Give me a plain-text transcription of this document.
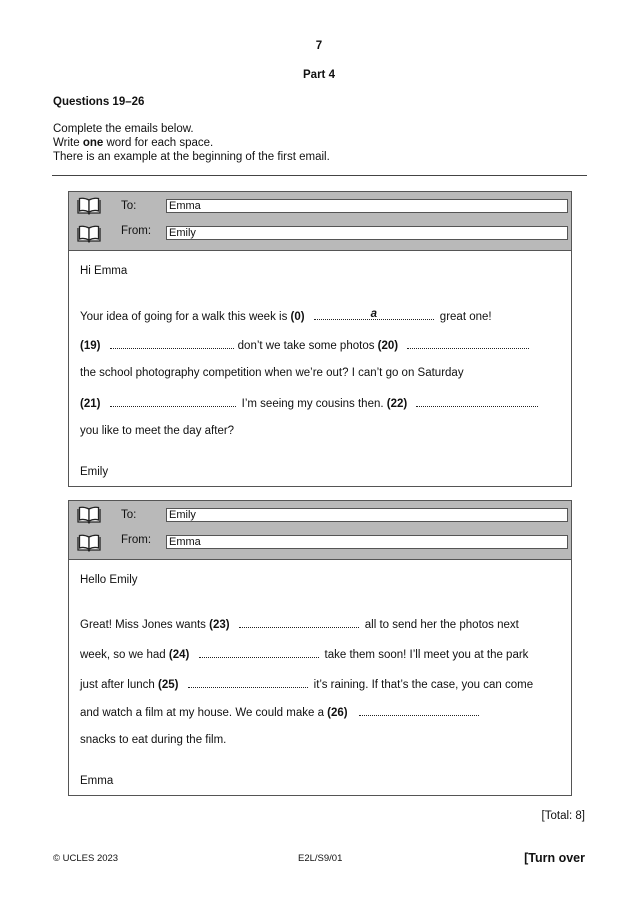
7
Part 4
Questions 19–26
Complete the emails below.
Write one word for each space.
There is an example at the beginning of the first email.
To:	Emma
From: Emily
Hi Emma
Your idea of going for a walk this week is (0)	a	great one!
(19)	don’t we take some photos (20)
the school photography competition when we’re out? I can’t go on Saturday
(21)	I’m seeing my cousins then. (22)
you like to meet the day after?
Emily
To:	Emily
From: Emma
Hello Emily
Great! Miss Jones wants (23)	all to send her the photos next
week, so we had (24)	take them soon! I’ll meet you at the park
just after lunch (25)	it’s raining. If that’s the case, you can come
and watch a film at my house. We could make a (26)
snacks to eat during the film.
Emma
[Total: 8]
© UCLES 2023	E2L/S9/01	[Turn over
